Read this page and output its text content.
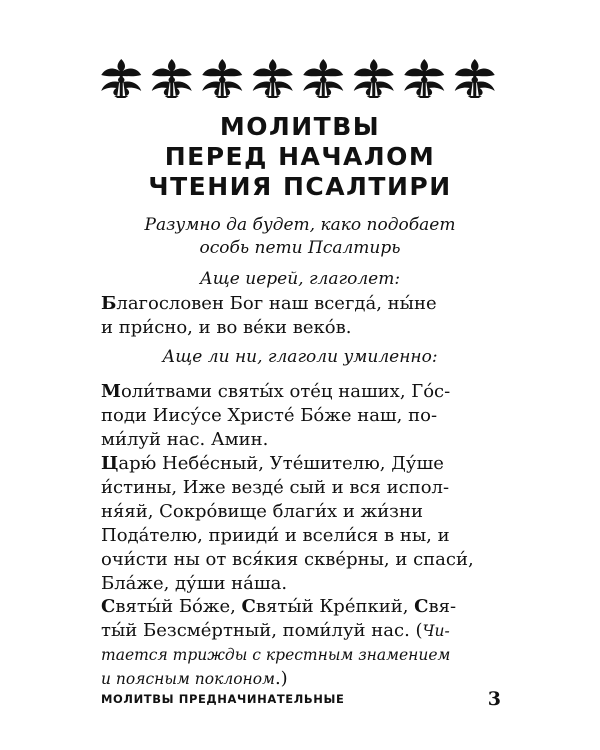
МОЛИТВЫ
ПЕРЕД НАЧАЛОМ
ЧТЕНИЯ ПСАЛТИРИ
Разумно да будет, како подобает
особь пети Псалтирь
Аще иерей, глаголет:
Благословен Бог наш всегда́, ны́не
и при́сно, и во ве́ки веко́в.
Аще ли ни, глаголи умиленно:
Моли́твами святы́х оте́ц наших, Го́с-
поди Иису́се Христе́ Бо́же наш, по-
ми́луй нас. Амин.
Царю́ Небе́сный, Уте́шителю, Ду́ше
и́стины, Иже везде́ сый и вся испол-
ня́яй, Сокро́вище благи́х и жи́зни
Пода́телю, прииди́ и всели́ся в ны, и
очи́сти ны от вся́кия скве́рны, и спаси́,
Бла́же, ду́ши на́ша.
Святы́й Бо́же, Святы́й Кре́пкий, Свя-
ты́й Безсме́ртный, поми́луй нас. (Чи-
тается трижды с крестным знамением
и поясным поклоном.)
МОЛИТВЫ ПРЕДНАЧИНАТЕЛЬНЫЕ	3
